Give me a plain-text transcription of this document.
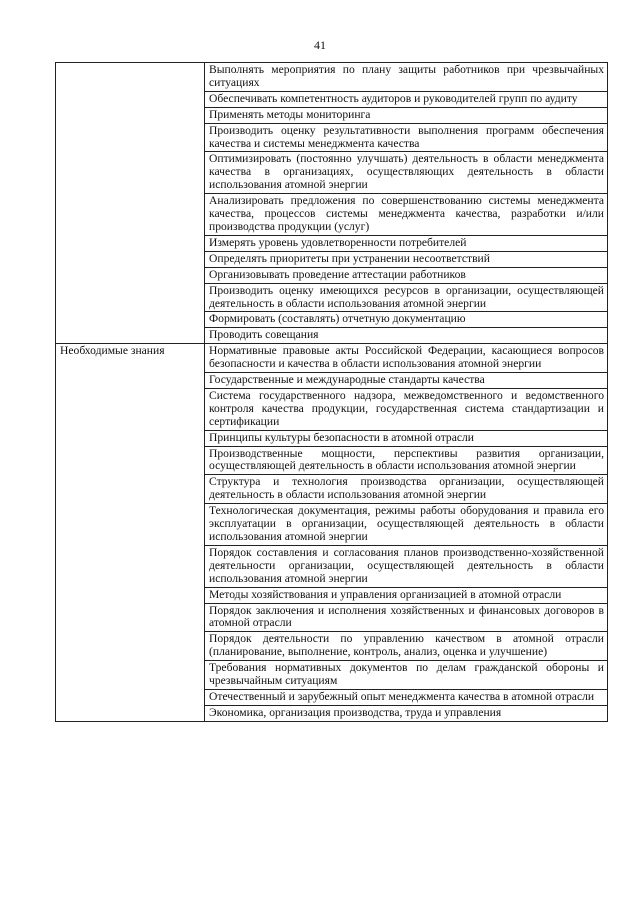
41
	Выполнять мероприятия по плану защиты работников при чрезвычайных ситуациях
	Обеспечивать компетентность аудиторов и руководителей групп по аудиту
	Применять методы мониторинга
	Производить оценку результативности выполнения программ обеспечения качества и системы менеджмента качества
	Оптимизировать (постоянно улучшать) деятельность в области менеджмента качества в организациях, осуществляющих деятельность в области использования атомной энергии
	Анализировать предложения по совершенствованию системы менеджмента качества, процессов системы менеджмента качества, разработки и/или производства продукции (услуг)
	Измерять уровень удовлетворенности потребителей
	Определять приоритеты при устранении несоответствий
	Организовывать проведение аттестации работников
	Производить оценку имеющихся ресурсов в организации, осуществляющей деятельность в области использования атомной энергии
	Формировать (составлять) отчетную документацию
	Проводить совещания
Необходимые знания	Нормативные правовые акты Российской Федерации, касающиеся вопросов безопасности и качества в области использования атомной энергии
	Государственные и международные стандарты качества
	Система государственного надзора, межведомственного и ведомственного контроля качества продукции, государственная система стандартизации и сертификации
	Принципы культуры безопасности в атомной отрасли
	Производственные мощности, перспективы развития организации, осуществляющей деятельность в области использования атомной энергии
	Структура и технология производства организации, осуществляющей деятельность в области использования атомной энергии
	Технологическая документация, режимы работы оборудования и правила его эксплуатации в организации, осуществляющей деятельность в области использования атомной энергии
	Порядок составления и согласования планов производственно-хозяйственной деятельности организации, осуществляющей деятельность в области использования атомной энергии
	Методы хозяйствования и управления организацией в атомной отрасли
	Порядок заключения и исполнения хозяйственных и финансовых договоров в атомной отрасли
	Порядок деятельности по управлению качеством в атомной отрасли (планирование, выполнение, контроль, анализ, оценка и улучшение)
	Требования нормативных документов по делам гражданской обороны и чрезвычайным ситуациям
	Отечественный и зарубежный опыт менеджмента качества в атомной отрасли
	Экономика, организация производства, труда и управления
